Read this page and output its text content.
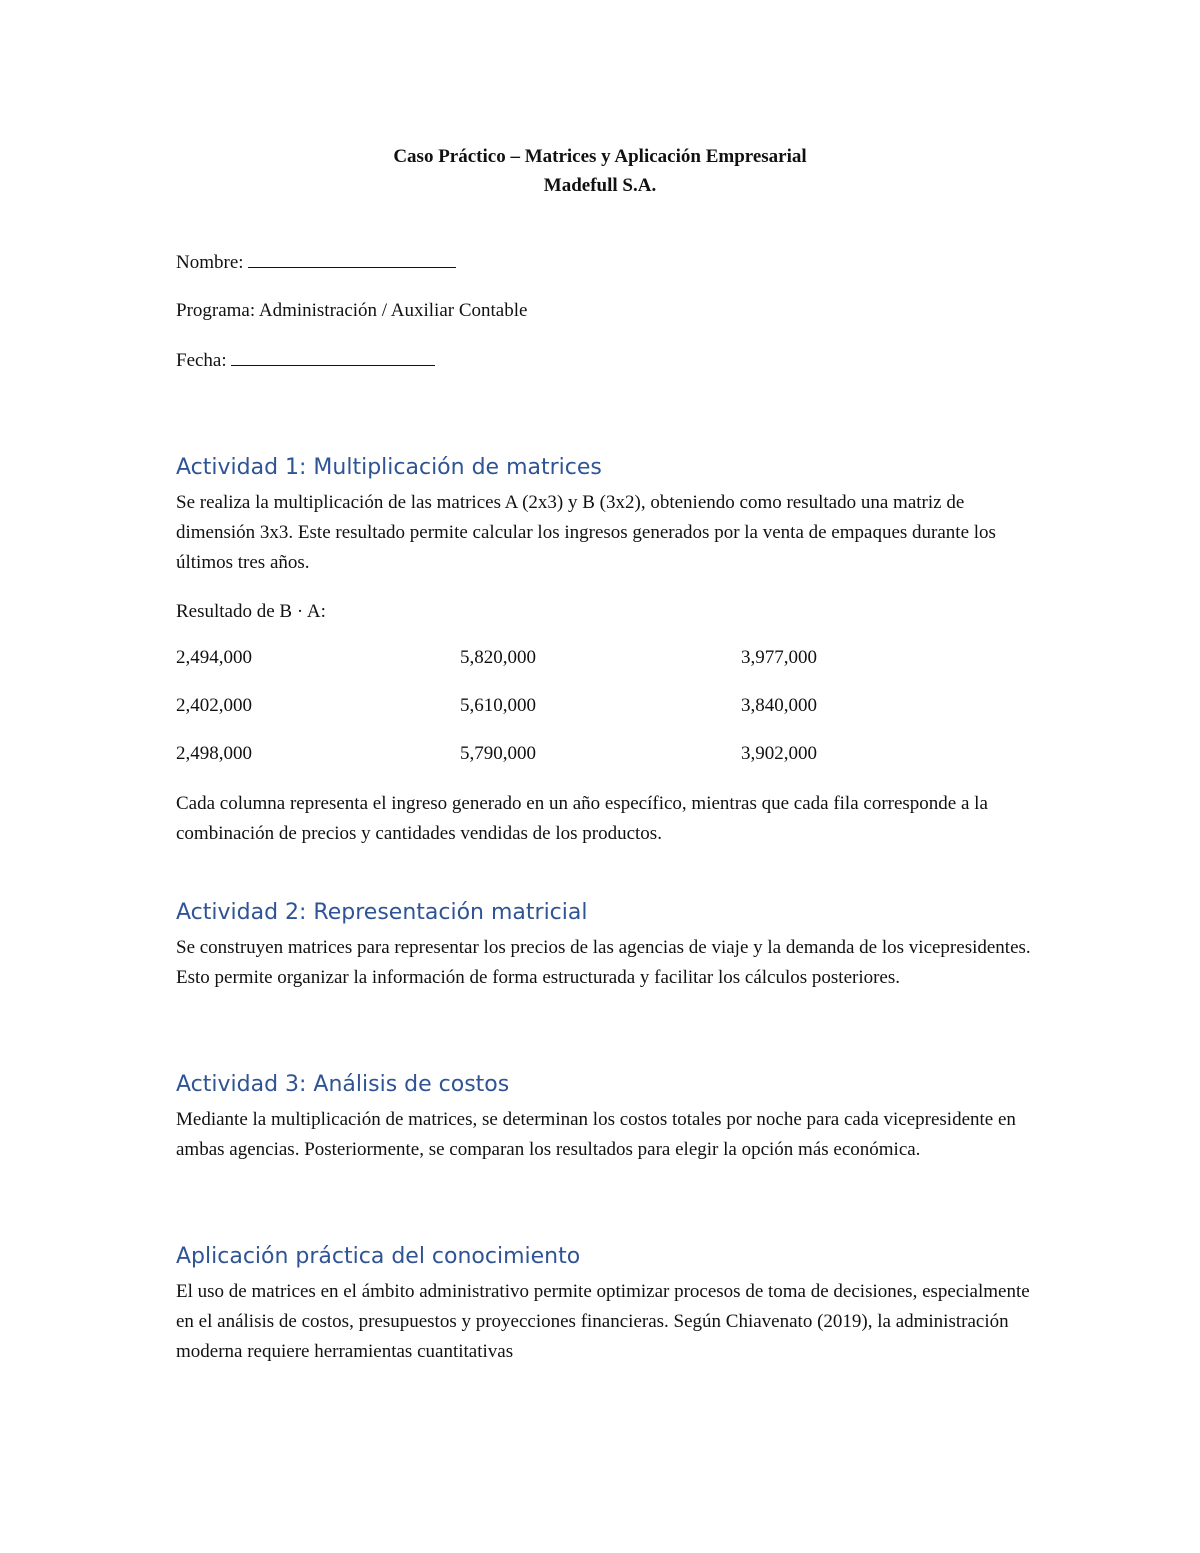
Caso Práctico – Matrices y Aplicación Empresarial
Madefull S.A.
Nombre:
Programa: Administración / Auxiliar Contable
Fecha:
Actividad 1: Multiplicación de matrices

Se realiza la multiplicación de las matrices A (2x3) y B (3x2), obteniendo como resultado una matriz de dimensión 3x3. Este resultado permite calcular los ingresos generados por la venta de empaques durante los últimos tres años.

Resultado de B · A:

2,494,000	5,820,000	3,977,000
2,402,000	5,610,000	3,840,000
2,498,000	5,790,000	3,902,000

Cada columna representa el ingreso generado en un año específico, mientras que cada fila corresponde a la combinación de precios y cantidades vendidas de los productos.

Actividad 2: Representación matricial

Se construyen matrices para representar los precios de las agencias de viaje y la demanda de los vicepresidentes. Esto permite organizar la información de forma estructurada y facilitar los cálculos posteriores.

Actividad 3: Análisis de costos

Mediante la multiplicación de matrices, se determinan los costos totales por noche para cada vicepresidente en ambas agencias. Posteriormente, se comparan los resultados para elegir la opción más económica.

Aplicación práctica del conocimiento

El uso de matrices en el ámbito administrativo permite optimizar procesos de toma de decisiones, especialmente en el análisis de costos, presupuestos y proyecciones financieras. Según Chiavenato (2019), la administración moderna requiere herramientas cuantitativas
